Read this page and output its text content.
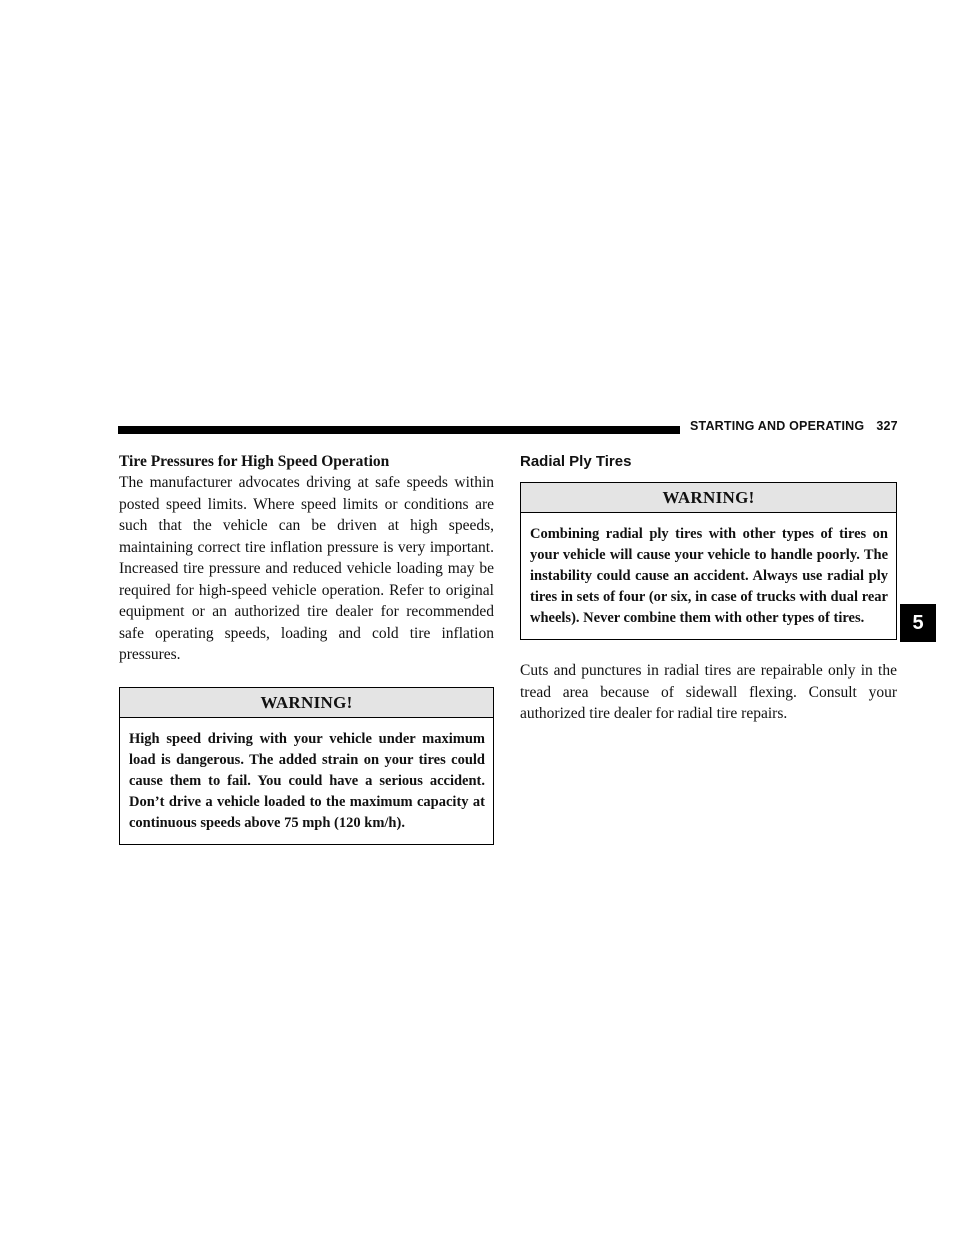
STARTING AND OPERATING 327
5

Tire Pressures for High Speed Operation

The manufacturer advocates driving at safe speeds within posted speed limits. Where speed limits or conditions are such that the vehicle can be driven at high speeds, maintaining correct tire inflation pressure is very important. Increased tire pressure and reduced vehicle loading may be required for high-speed vehicle operation. Refer to original equipment or an authorized tire dealer for recommended safe operating speeds, loading and cold tire inflation pressures.

WARNING!
High speed driving with your vehicle under maximum load is dangerous. The added strain on your tires could cause them to fail. You could have a serious accident. Don’t drive a vehicle loaded to the maximum capacity at continuous speeds above 75 mph (120 km/h).

Radial Ply Tires

WARNING!
Combining radial ply tires with other types of tires on your vehicle will cause your vehicle to handle poorly. The instability could cause an accident. Always use radial ply tires in sets of four (or six, in case of trucks with dual rear wheels). Never combine them with other types of tires.

Cuts and punctures in radial tires are repairable only in the tread area because of sidewall flexing. Consult your authorized tire dealer for radial tire repairs.
